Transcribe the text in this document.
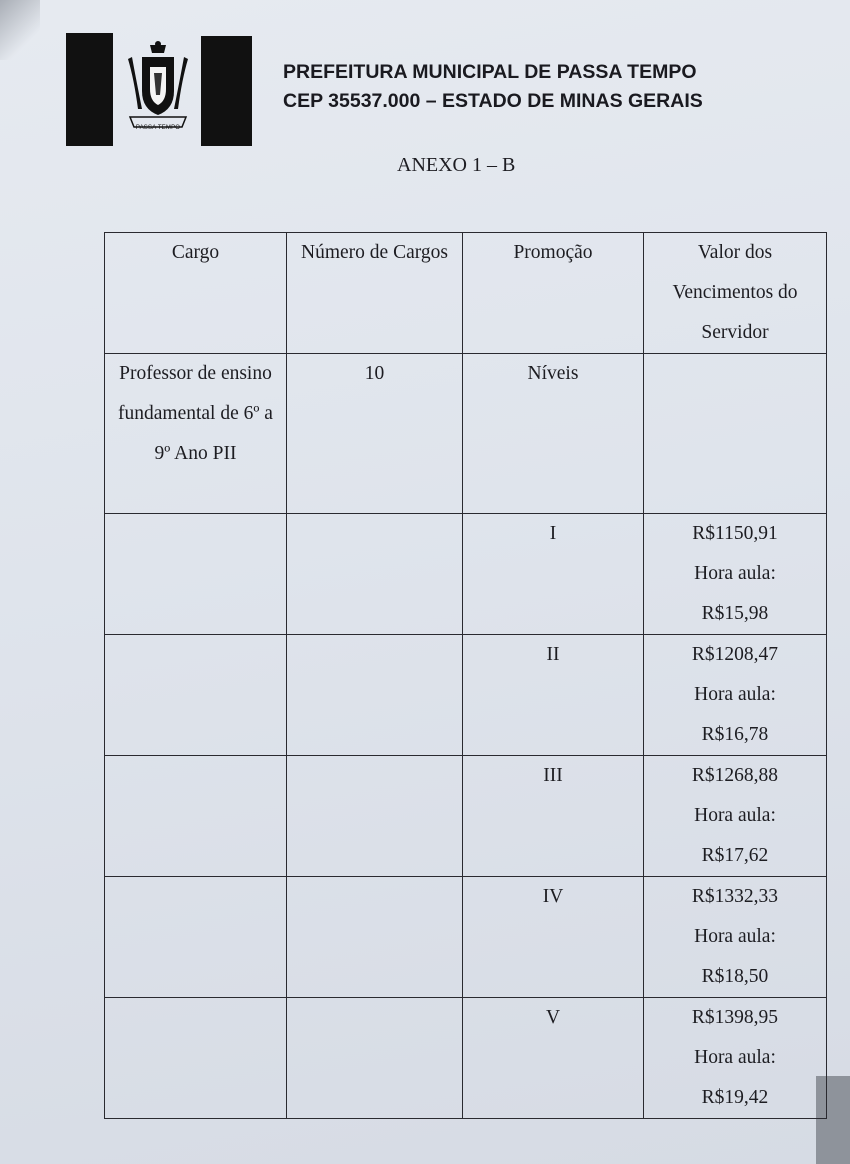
PASSA TEMPO
PREFEITURA MUNICIPAL DE PASSA TEMPO
CEP 35537.000 – ESTADO DE MINAS GERAIS
ANEXO 1 – B
Cargo	Número de Cargos	Promoção	Valor dos Vencimentos do Servidor
Professor de ensino fundamental de 6º a 9º Ano PII	10	Níveis	
		I	R$1150,91
Hora aula:
R$15,98

		II	R$1208,47
Hora aula:
R$16,78

		III	R$1268,88
Hora aula:
R$17,62

		IV	R$1332,33
Hora aula:
R$18,50

		V	R$1398,95
Hora aula:
R$19,42
